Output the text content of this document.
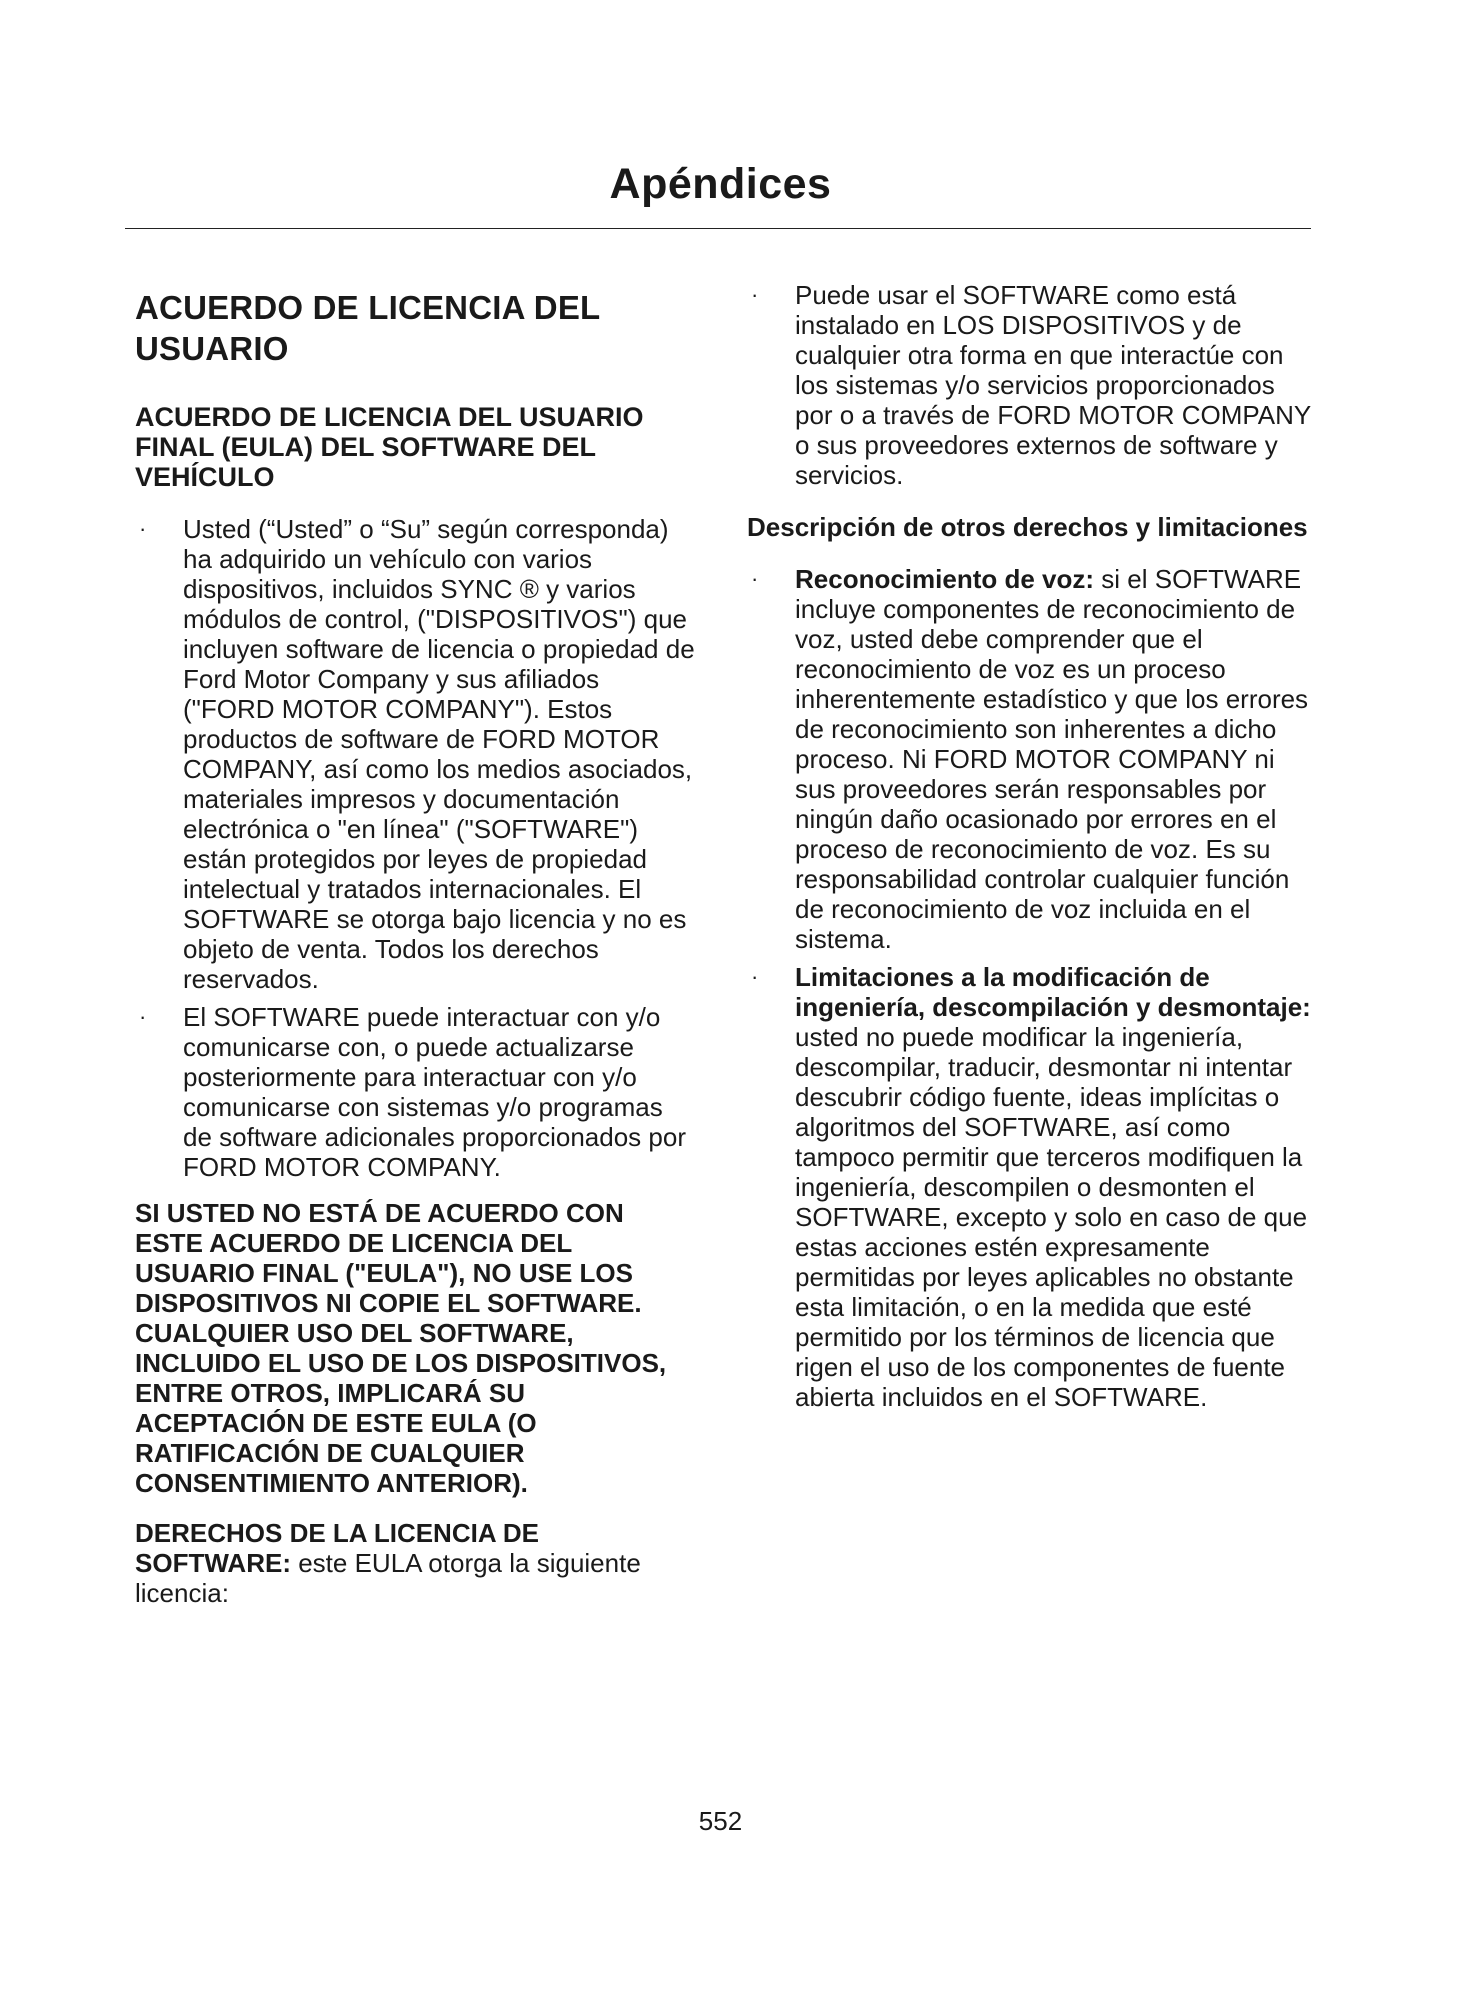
Apéndices
ACUERDO DE LICENCIA DEL USUARIO
ACUERDO DE LICENCIA DEL USUARIO FINAL (EULA) DEL SOFTWARE DEL VEHÍCULO
· Usted (“Usted” o “Su” según corresponda) ha adquirido un vehículo con varios dispositivos, incluidos SYNC ® y varios módulos de control, ("DISPOSITIVOS") que incluyen software de licencia o propiedad de Ford Motor Company y sus afiliados ("FORD MOTOR COMPANY"). Estos productos de software de FORD MOTOR COMPANY, así como los medios asociados, materiales impresos y documentación electrónica o "en línea" ("SOFTWARE") están protegidos por leyes de propiedad intelectual y tratados internacionales. El SOFTWARE se otorga bajo licencia y no es objeto de venta. Todos los derechos reservados.
· El SOFTWARE puede interactuar con y/o comunicarse con, o puede actualizarse posteriormente para interactuar con y/o comunicarse con sistemas y/o programas de software adicionales proporcionados por FORD MOTOR COMPANY.
SI USTED NO ESTÁ DE ACUERDO CON ESTE ACUERDO DE LICENCIA DEL USUARIO FINAL ("EULA"), NO USE LOS DISPOSITIVOS NI COPIE EL SOFTWARE. CUALQUIER USO DEL SOFTWARE, INCLUIDO EL USO DE LOS DISPOSITIVOS, ENTRE OTROS, IMPLICARÁ SU ACEPTACIÓN DE ESTE EULA (O RATIFICACIÓN DE CUALQUIER CONSENTIMIENTO ANTERIOR).
DERECHOS DE LA LICENCIA DE SOFTWARE: este EULA otorga la siguiente licencia:
· Puede usar el SOFTWARE como está instalado en LOS DISPOSITIVOS y de cualquier otra forma en que interactúe con los sistemas y/o servicios proporcionados por o a través de FORD MOTOR COMPANY o sus proveedores externos de software y servicios.
Descripción de otros derechos y limitaciones
· Reconocimiento de voz: si el SOFTWARE incluye componentes de reconocimiento de voz, usted debe comprender que el reconocimiento de voz es un proceso inherentemente estadístico y que los errores de reconocimiento son inherentes a dicho proceso. Ni FORD MOTOR COMPANY ni sus proveedores serán responsables por ningún daño ocasionado por errores en el proceso de reconocimiento de voz. Es su responsabilidad controlar cualquier función de reconocimiento de voz incluida en el sistema.
· Limitaciones a la modificación de ingeniería, descompilación y desmontaje: usted no puede modificar la ingeniería, descompilar, traducir, desmontar ni intentar descubrir código fuente, ideas implícitas o algoritmos del SOFTWARE, así como tampoco permitir que terceros modifiquen la ingeniería, descompilen o desmonten el SOFTWARE, excepto y solo en caso de que estas acciones estén expresamente permitidas por leyes aplicables no obstante esta limitación, o en la medida que esté permitido por los términos de licencia que rigen el uso de los componentes de fuente abierta incluidos en el SOFTWARE.
552
